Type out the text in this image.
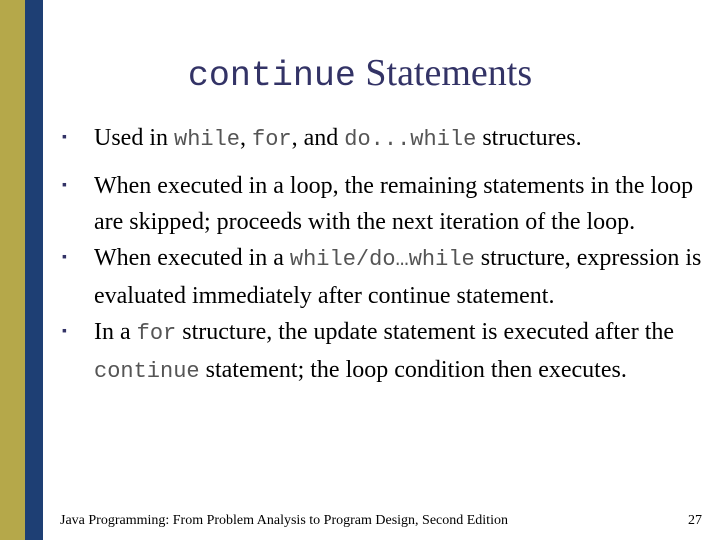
continue Statements
▪ Used in while, for, and do...while structures.
▪ When executed in a loop, the remaining statements in the loop are skipped; proceeds with the next iteration of the loop.
▪ When executed in a while/do…while structure, expression is evaluated immediately after continue statement.
▪ In a for structure, the update statement is executed after the continue statement; the loop condition then executes.
Java Programming: From Problem Analysis to Program Design, Second Edition	27
